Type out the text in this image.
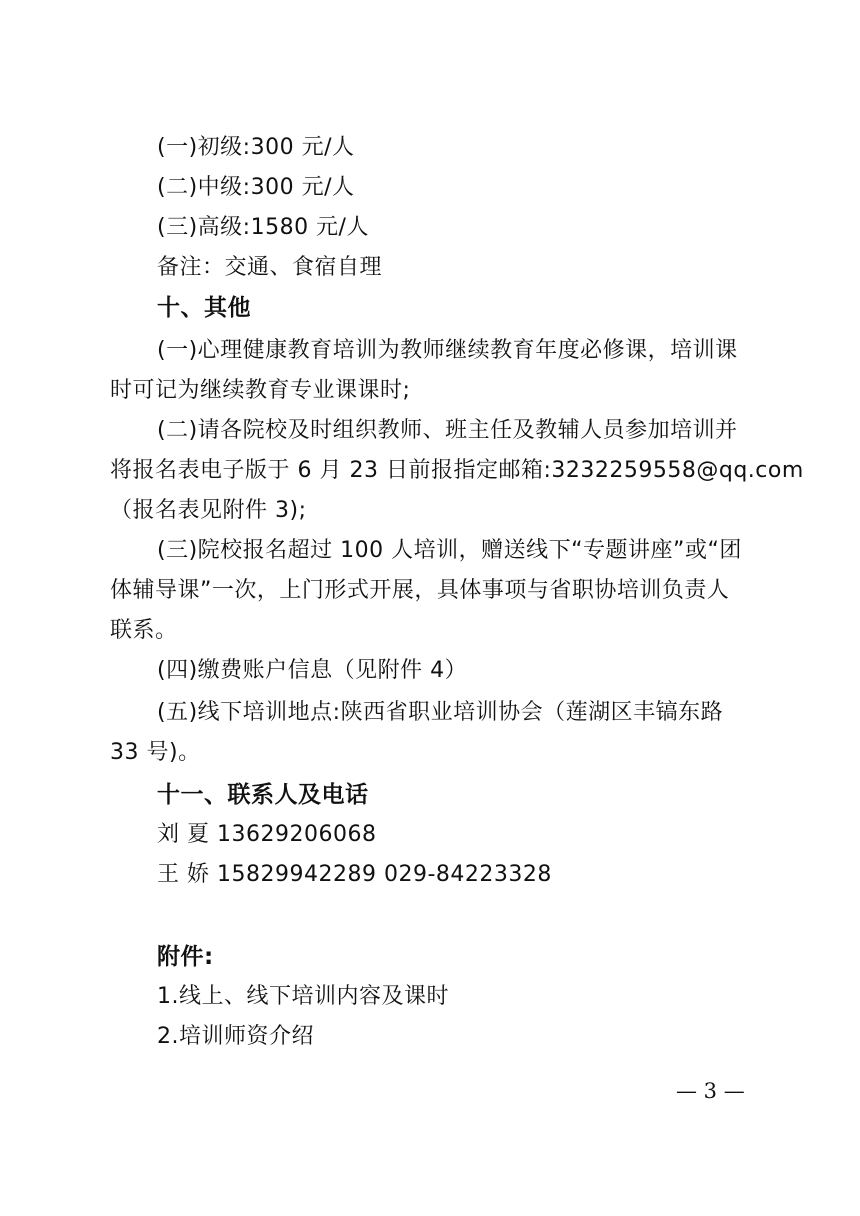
(一)初级:300 元/人
(二)中级:300 元/人
(三)高级:1580 元/人
备注：交通、食宿自理
十、其他
(一)心理健康教育培训为教师继续教育年度必修课，培训课
时可记为继续教育专业课课时;
(二)请各院校及时组织教师、班主任及教辅人员参加培训并
将报名表电子版于 6 月 23 日前报指定邮箱:3232259558@qq.com
（报名表见附件 3);
(三)院校报名超过 100 人培训，赠送线下“专题讲座”或“团
体辅导课”一次，上门形式开展，具体事项与省职协培训负责人
联系。
(四)缴费账户信息（见附件 4）
(五)线下培训地点:陕西省职业培训协会（莲湖区丰镐东路
33 号)。
十一、联系人及电话
刘 夏 13629206068
王 娇 15829942289 029-84223328
附件:
1.线上、线下培训内容及课时
2.培训师资介绍
— 3 —
